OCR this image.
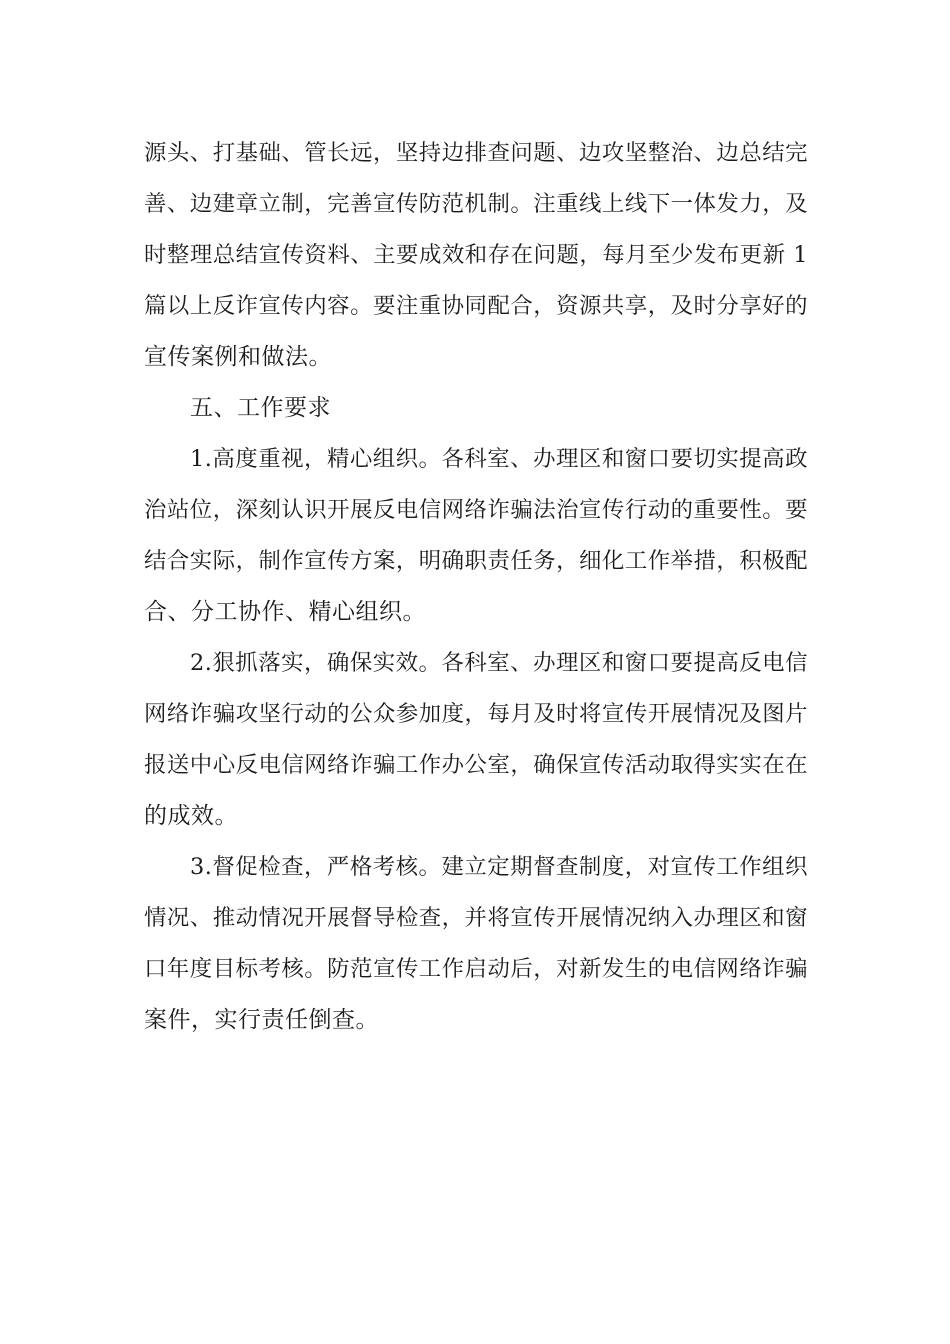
源头、打基础、管长远，坚持边排查问题、边攻坚整治、边总结完
善、边建章立制，完善宣传防范机制。注重线上线下一体发力，及
时整理总结宣传资料、主要成效和存在问题，每月至少发布更新 1
篇以上反诈宣传内容。要注重协同配合，资源共享，及时分享好的
宣传案例和做法。
五、工作要求
1.高度重视，精心组织。各科室、办理区和窗口要切实提高政
治站位，深刻认识开展反电信网络诈骗法治宣传行动的重要性。要
结合实际，制作宣传方案，明确职责任务，细化工作举措，积极配
合、分工协作、精心组织。
2.狠抓落实，确保实效。各科室、办理区和窗口要提高反电信
网络诈骗攻坚行动的公众参加度，每月及时将宣传开展情况及图片
报送中心反电信网络诈骗工作办公室，确保宣传活动取得实实在在
的成效。
3.督促检查，严格考核。建立定期督查制度，对宣传工作组织
情况、推动情况开展督导检查，并将宣传开展情况纳入办理区和窗
口年度目标考核。防范宣传工作启动后，对新发生的电信网络诈骗
案件，实行责任倒查。
